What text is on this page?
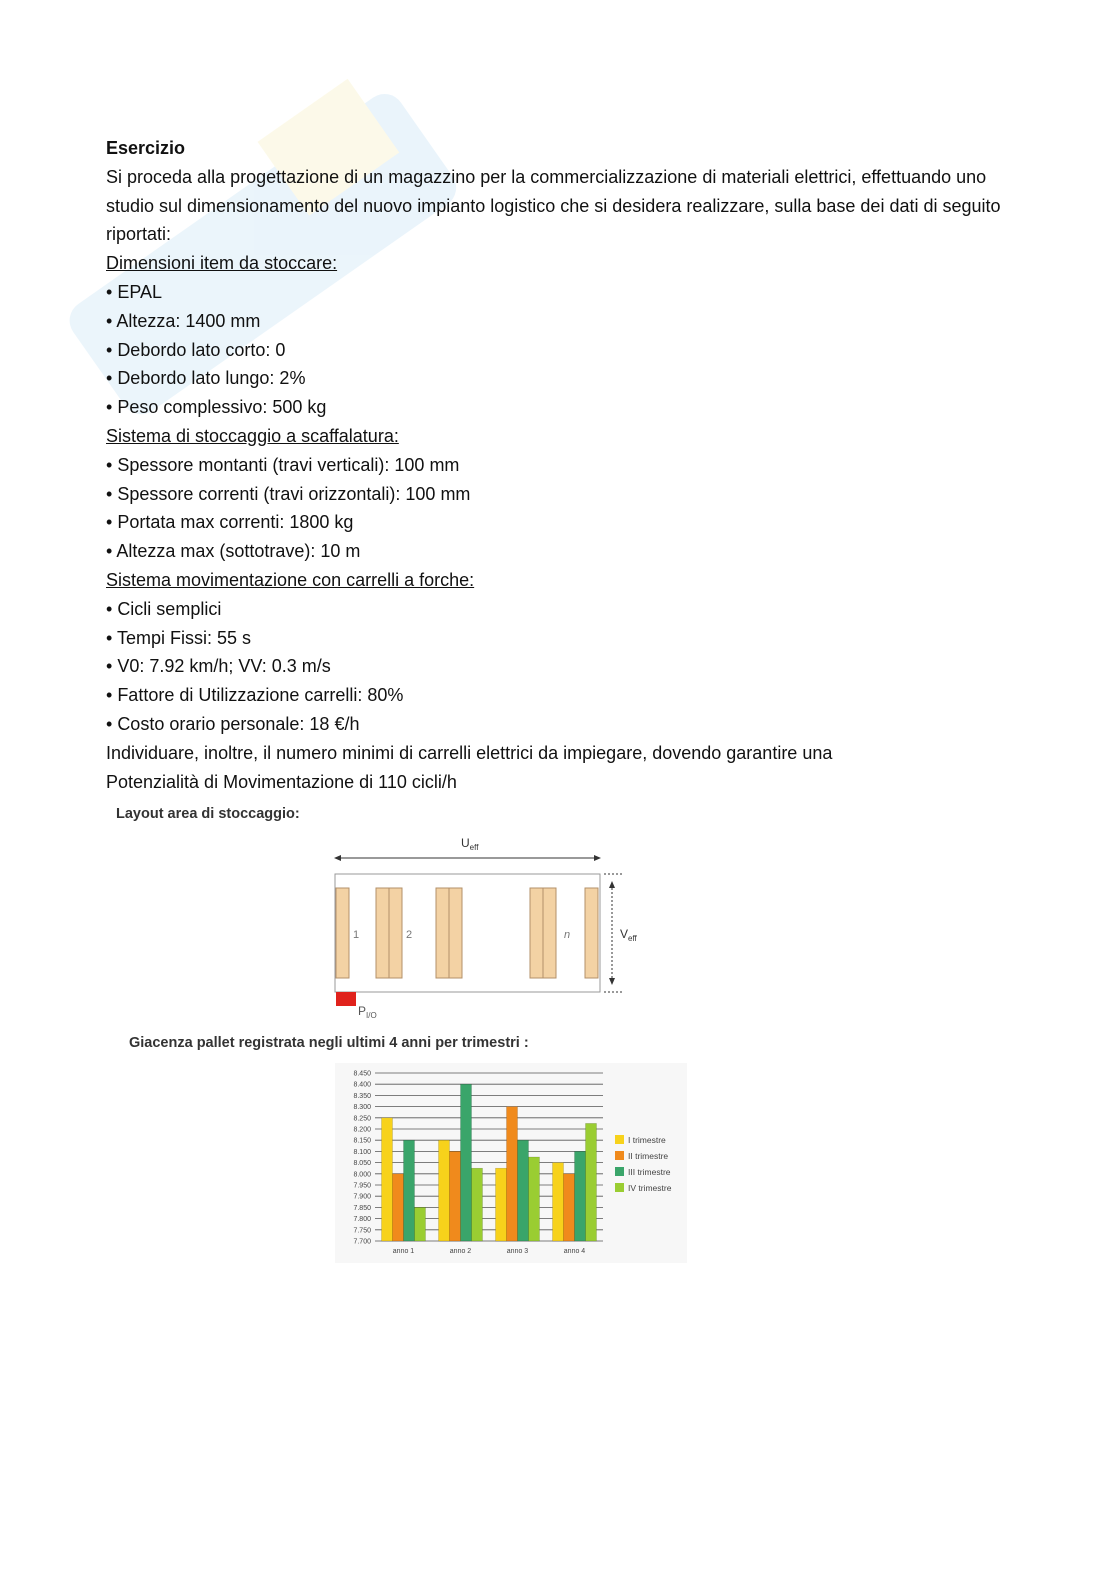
Esercizio
Si proceda alla progettazione di un magazzino per la commercializzazione di materiali elettrici, effettuando uno studio sul dimensionamento del nuovo impianto logistico che si desidera realizzare, sulla base dei dati di seguito riportati:
Dimensioni item da stoccare:
• EPAL
• Altezza: 1400 mm
• Debordo lato corto: 0
• Debordo lato lungo: 2%
• Peso complessivo: 500 kg
Sistema di stoccaggio a scaffalatura:
• Spessore montanti (travi verticali): 100 mm
• Spessore correnti (travi orizzontali): 100 mm
• Portata max correnti: 1800 kg
• Altezza max (sottotrave): 10 m
Sistema movimentazione con carrelli a forche:
• Cicli semplici
• Tempi Fissi: 55 s
• V0: 7.92 km/h; VV: 0.3 m/s
• Fattore di Utilizzazione carrelli: 80%
• Costo orario personale: 18 €/h
Individuare, inoltre, il numero minimi di carrelli elettrici da impiegare, dovendo garantire una
Potenzialità di Movimentazione di 110 cicli/h
Layout area di stoccaggio:
$U_{eff}$
1	2	n	$V_{eff}$
$P_{I/O}$
Giacenza pallet registrata negli ultimi 4 anni per trimestri :
7.700
7.750
7.800
7.850
7.900
7.950
8.000
8.050
8.100
8.150
8.200
8.250
8.300
8.350
8.400
8.450
anno 1	anno 2	anno 3	anno 4
I trimestre
II trimestre
III trimestre
IV trimestre
